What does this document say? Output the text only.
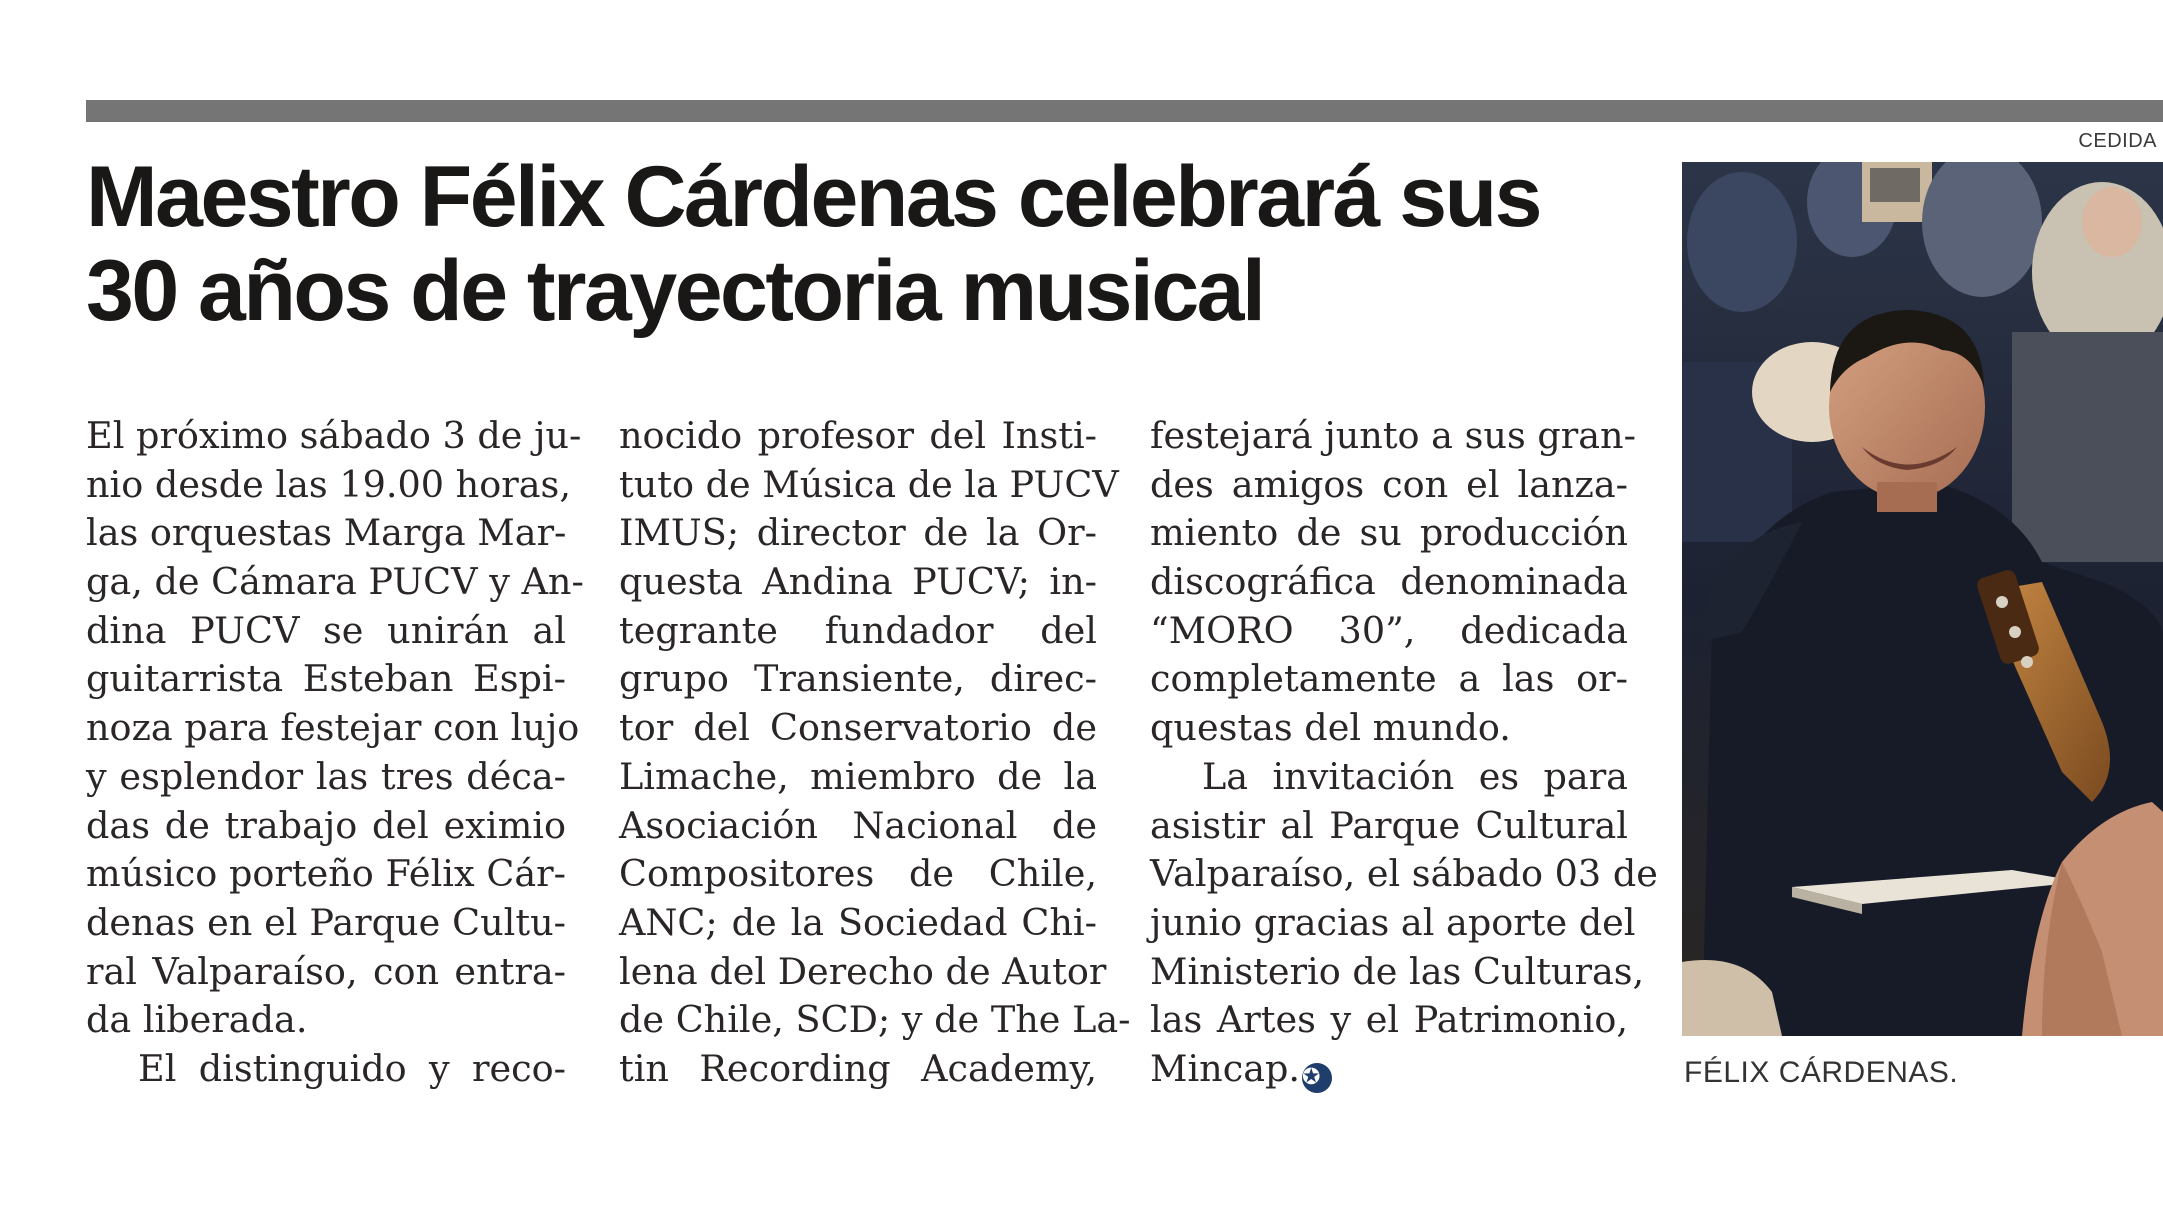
CEDIDA
Maestro Félix Cárdenas celebrará sus
30 años de trayectoria musical
El próximo sábado 3 de ju-
nio desde las 19.00 horas,
las orquestas Marga Mar-
ga, de Cámara PUCV y An-
dina PUCV se unirán al
guitarrista Esteban Espi-
noza para festejar con lujo
y esplendor las tres déca-
das de trabajo del eximio
músico porteño Félix Cár-
denas en el Parque Cultu-
ral Valparaíso, con entra-
da liberada.
El distinguido y reco-
nocido profesor del Insti-
tuto de Música de la PUCV
IMUS; director de la Or-
questa Andina PUCV; in-
tegrante fundador del
grupo Transiente, direc-
tor del Conservatorio de
Limache, miembro de la
Asociación Nacional de
Compositores de Chile,
ANC; de la Sociedad Chi-
lena del Derecho de Autor
de Chile, SCD; y de The La-
tin Recording Academy,
festejará junto a sus gran-
des amigos con el lanza-
miento de su producción
discográfica denominada
“MORO 30”, dedicada
completamente a las or-
questas del mundo.
La invitación es para
asistir al Parque Cultural
Valparaíso, el sábado 03 de
junio gracias al aporte del
Ministerio de las Culturas,
las Artes y el Patrimonio,
Mincap.✪	FÉLIX CÁRDENAS.
